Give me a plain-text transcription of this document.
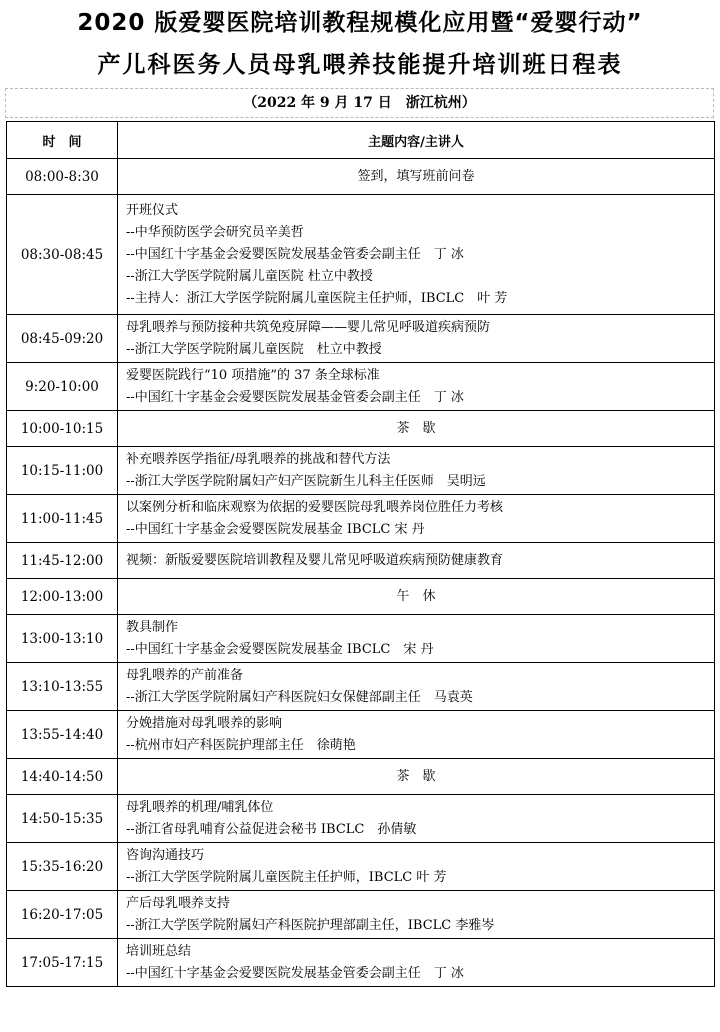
2020 版爱婴医院培训教程规模化应用暨“爱婴行动”
产儿科医务人员母乳喂养技能提升培训班日程表
（2022 年 9 月 17 日　浙江杭州）
时　间	主题内容/主讲人
08:00-8:30	签到，填写班前问卷

08:30-08:45	开班仪式
--中华预防医学会研究员辛美哲
--中国红十字基金会爱婴医院发展基金管委会副主任　丁 冰
--浙江大学医学院附属儿童医院 杜立中教授
--主持人：浙江大学医学院附属儿童医院主任护师，IBCLC　叶 芳

08:45-09:20	母乳喂养与预防接种共筑免疫屏障——婴儿常见呼吸道疾病预防
--浙江大学医学院附属儿童医院　杜立中教授

9:20-10:00	爱婴医院践行“10 项措施”的 37 条全球标准
--中国红十字基金会爱婴医院发展基金管委会副主任　丁 冰

10:00-10:15	茶　歇

10:15-11:00	补充喂养医学指征/母乳喂养的挑战和替代方法
--浙江大学医学院附属妇产妇产医院新生儿科主任医师　吴明远

11:00-11:45	以案例分析和临床观察为依据的爱婴医院母乳喂养岗位胜任力考核
--中国红十字基金会爱婴医院发展基金 IBCLC 宋 丹

11:45-12:00	视频：新版爱婴医院培训教程及婴儿常见呼吸道疾病预防健康教育

12:00-13:00	午　休

13:00-13:10	教具制作
--中国红十字基金会爱婴医院发展基金 IBCLC　宋 丹

13:10-13:55	母乳喂养的产前准备
--浙江大学医学院附属妇产科医院妇女保健部副主任　马袁英

13:55-14:40	分娩措施对母乳喂养的影响
--杭州市妇产科医院护理部主任　徐萌艳

14:40-14:50	茶　歇

14:50-15:35	母乳喂养的机理/哺乳体位
--浙江省母乳哺育公益促进会秘书 IBCLC　孙倩敏

15:35-16:20	咨询沟通技巧
--浙江大学医学院附属儿童医院主任护师，IBCLC 叶 芳

16:20-17:05	产后母乳喂养支持
--浙江大学医学院附属妇产科医院护理部副主任，IBCLC 李雅岑

17:05-17:15	培训班总结
--中国红十字基金会爱婴医院发展基金管委会副主任　丁 冰
